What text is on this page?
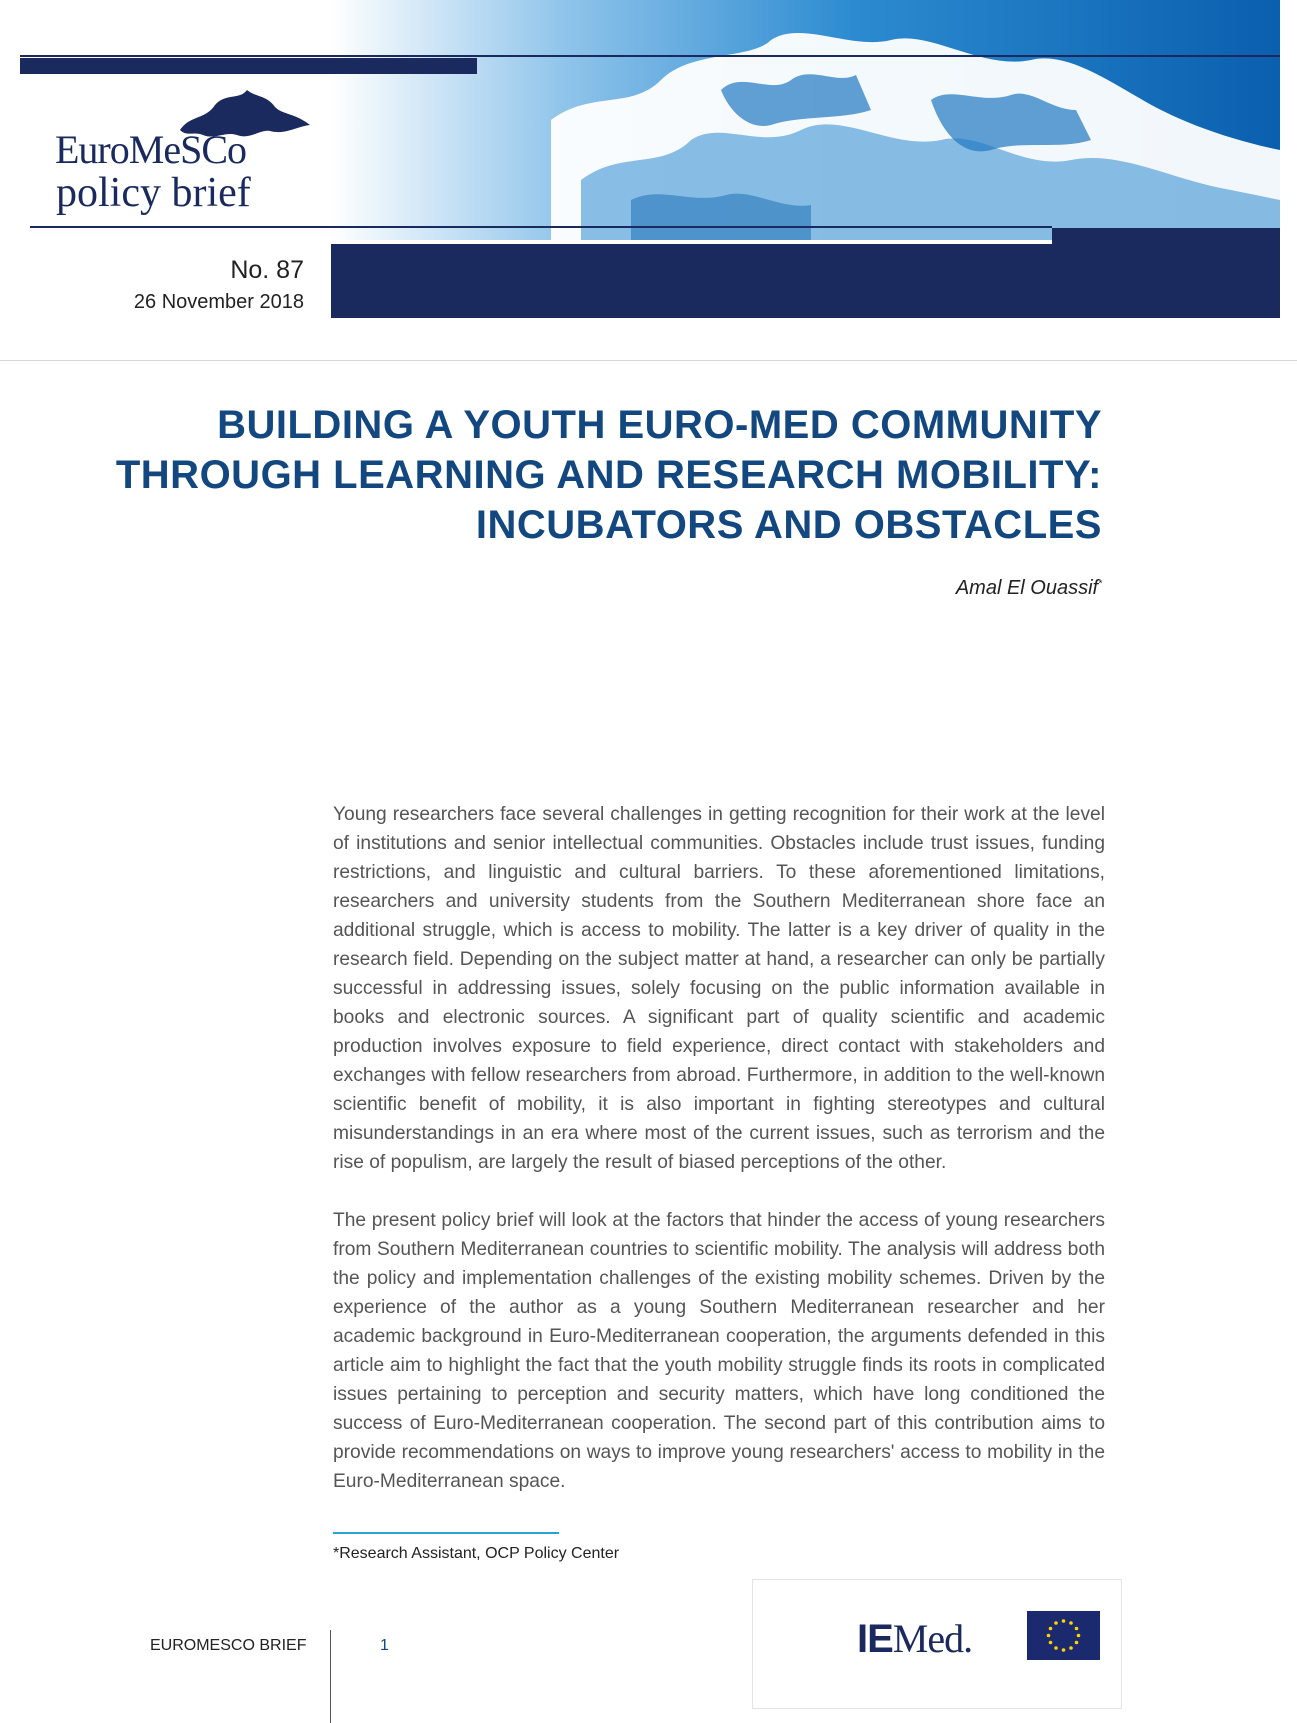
EuroMeSCo
policy brief
No. 87
26 November 2018
BUILDING A YOUTH EURO-MED COMMUNITY THROUGH LEARNING AND RESEARCH MOBILITY: INCUBATORS AND OBSTACLES
Amal El Ouassif*

Young researchers face several challenges in getting recognition for their work at the level of institutions and senior intellectual communities. Obstacles include trust issues, funding restrictions, and linguistic and cultural barriers. To these aforementioned limitations, researchers and university students from the Southern Mediterranean shore face an additional struggle, which is access to mobility. The latter is a key driver of quality in the research field. Depending on the subject matter at hand, a researcher can only be partially successful in addressing issues, solely focusing on the public information available in books and electronic sources. A significant part of quality scientific and academic production involves exposure to field experience, direct contact with stakeholders and exchanges with fellow researchers from abroad. Furthermore, in addition to the well-known scientific benefit of mobility, it is also important in fighting stereotypes and cultural misunderstandings in an era where most of the current issues, such as terrorism and the rise of populism, are largely the result of biased perceptions of the other.

The present policy brief will look at the factors that hinder the access of young researchers from Southern Mediterranean countries to scientific mobility. The analysis will address both the policy and implementation challenges of the existing mobility schemes. Driven by the experience of the author as a young Southern Mediterranean researcher and her academic background in Euro-Mediterranean cooperation, the arguments defended in this article aim to highlight the fact that the youth mobility struggle finds its roots in complicated issues pertaining to perception and security matters, which have long conditioned the success of Euro-Mediterranean cooperation. The second part of this contribution aims to provide recommendations on ways to improve young researchers' access to mobility in the Euro-Mediterranean space.

*Research Assistant, OCP Policy Center
EUROMESCO BRIEF	1	IEMed.
